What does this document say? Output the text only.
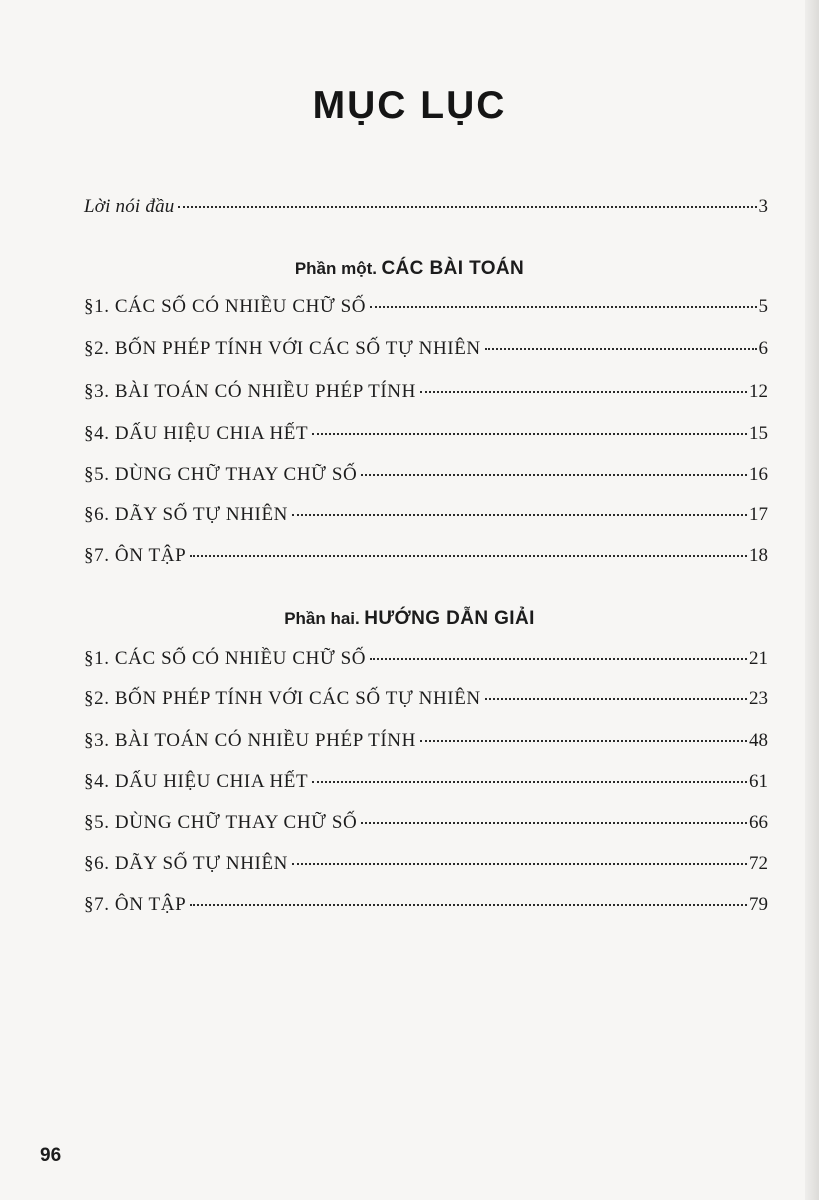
MỤC LỤC
Lời nói đầu	3
Phần một. CÁC BÀI TOÁN
§1. CÁC SỐ CÓ NHIỀU CHỮ SỐ	5
§2. BỐN PHÉP TÍNH VỚI CÁC SỐ TỰ NHIÊN	6
§3. BÀI TOÁN CÓ NHIỀU PHÉP TÍNH	12
§4. DẤU HIỆU CHIA HẾT	15
§5. DÙNG CHỮ THAY CHỮ SỐ	16
§6. DÃY SỐ TỰ NHIÊN	17
§7. ÔN TẬP	18
Phần hai. HƯỚNG DẪN GIẢI
§1. CÁC SỐ CÓ NHIỀU CHỮ SỐ	21
§2. BỐN PHÉP TÍNH VỚI CÁC SỐ TỰ NHIÊN	23
§3. BÀI TOÁN CÓ NHIỀU PHÉP TÍNH	48
§4. DẤU HIỆU CHIA HẾT	61
§5. DÙNG CHỮ THAY CHỮ SỐ	66
§6. DÃY SỐ TỰ NHIÊN	72
§7. ÔN TẬP	79
96
